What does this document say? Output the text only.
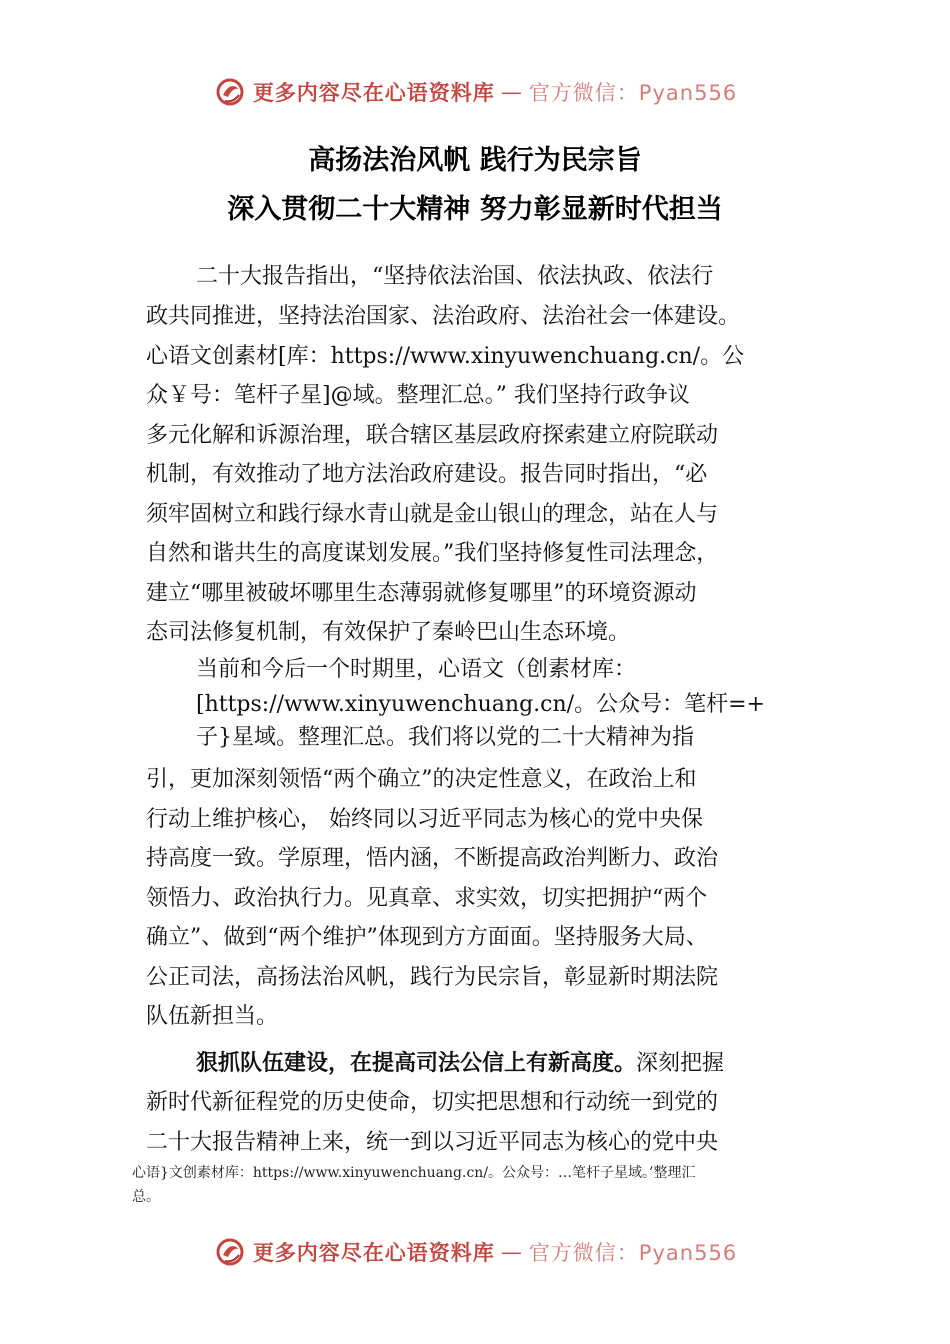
更多内容尽在心语资料库 — 官方微信：Pyan556
高扬法治风帆 践行为民宗旨
深入贯彻二十大精神 努力彰显新时代担当
二十大报告指出，“坚持依法治国、依法执政、依法行
政共同推进，坚持法治国家、法治政府、法治社会一体建设。
心语文创素材[库：https://www.xinyuwenchuang.cn/。公
众￥号：笔杆子星]@域。整理汇总。” 我们坚持行政争议
多元化解和诉源治理，联合辖区基层政府探索建立府院联动
机制，有效推动了地方法治政府建设。报告同时指出，“必
须牢固树立和践行绿水青山就是金山银山的理念，站在人与
自然和谐共生的高度谋划发展。”我们坚持修复性司法理念，
建立“哪里被破坏哪里生态薄弱就修复哪里”的环境资源动
态司法修复机制，有效保护了秦岭巴山生态环境。
当前和今后一个时期里，心语文（创素材库：
[https://www.xinyuwenchuang.cn/。公众号：笔杆=+
子}星域。整理汇总。我们将以党的二十大精神为指
引，更加深刻领悟“两个确立”的决定性意义，在政治上和
行动上维护核心， 始终同以习近平同志为核心的党中央保
持高度一致。学原理，悟内涵，不断提高政治判断力、政治
领悟力、政治执行力。见真章、求实效，切实把拥护“两个
确立”、做到“两个维护”体现到方方面面。坚持服务大局、
公正司法，高扬法治风帆，践行为民宗旨，彰显新时期法院
队伍新担当。
狠抓队伍建设，在提高司法公信上有新高度。深刻把握
新时代新征程党的历史使命，切实把思想和行动统一到党的
二十大报告精神上来，统一到以习近平同志为核心的党中央
心语}文创素材库：https://www.xinyuwenchuang.cn/。公众号：…笔杆子星域。’整理汇
总。
更多内容尽在心语资料库 — 官方微信：Pyan556
